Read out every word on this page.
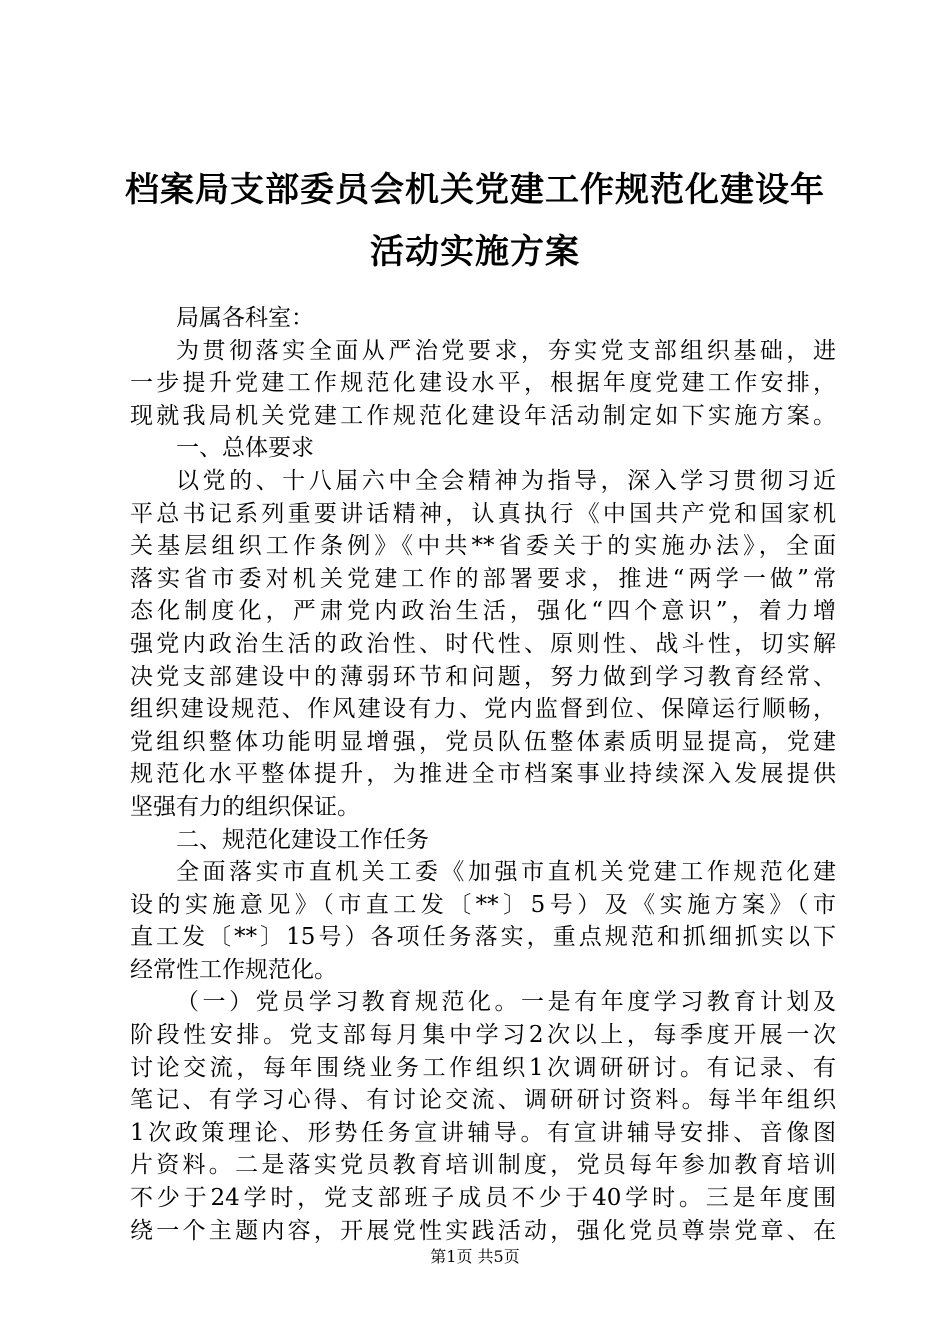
档案局支部委员会机关党建工作规范化建设年
活动实施方案
局属各科室：
为贯彻落实全面从严治党要求，夯实党支部组织基础，进
一步提升党建工作规范化建设水平，根据年度党建工作安排，
现就我局机关党建工作规范化建设年活动制定如下实施方案。
一、总体要求
以党的、十八届六中全会精神为指导，深入学习贯彻习近
平总书记系列重要讲话精神，认真执行《中国共产党和国家机
关基层组织工作条例》《中共**省委关于的实施办法》，全面
落实省市委对机关党建工作的部署要求，推进“两学一做”常
态化制度化，严肃党内政治生活，强化“四个意识”，着力增
强党内政治生活的政治性、时代性、原则性、战斗性，切实解
决党支部建设中的薄弱环节和问题，努力做到学习教育经常、
组织建设规范、作风建设有力、党内监督到位、保障运行顺畅，
党组织整体功能明显增强，党员队伍整体素质明显提高，党建
规范化水平整体提升，为推进全市档案事业持续深入发展提供
坚强有力的组织保证。
二、规范化建设工作任务
全面落实市直机关工委《加强市直机关党建工作规范化建
设的实施意见》（市直工发〔**〕5号）及《实施方案》（市
直工发〔**〕15号）各项任务落实，重点规范和抓细抓实以下
经常性工作规范化。
（一）党员学习教育规范化。一是有年度学习教育计划及
阶段性安排。党支部每月集中学习2次以上，每季度开展一次
讨论交流，每年围绕业务工作组织1次调研研讨。有记录、有
笔记、有学习心得、有讨论交流、调研研讨资料。每半年组织
1次政策理论、形势任务宣讲辅导。有宣讲辅导安排、音像图
片资料。二是落实党员教育培训制度，党员每年参加教育培训
不少于24学时，党支部班子成员不少于40学时。三是年度围
绕一个主题内容，开展党性实践活动，强化党员尊崇党章、在
第1页 共5页
